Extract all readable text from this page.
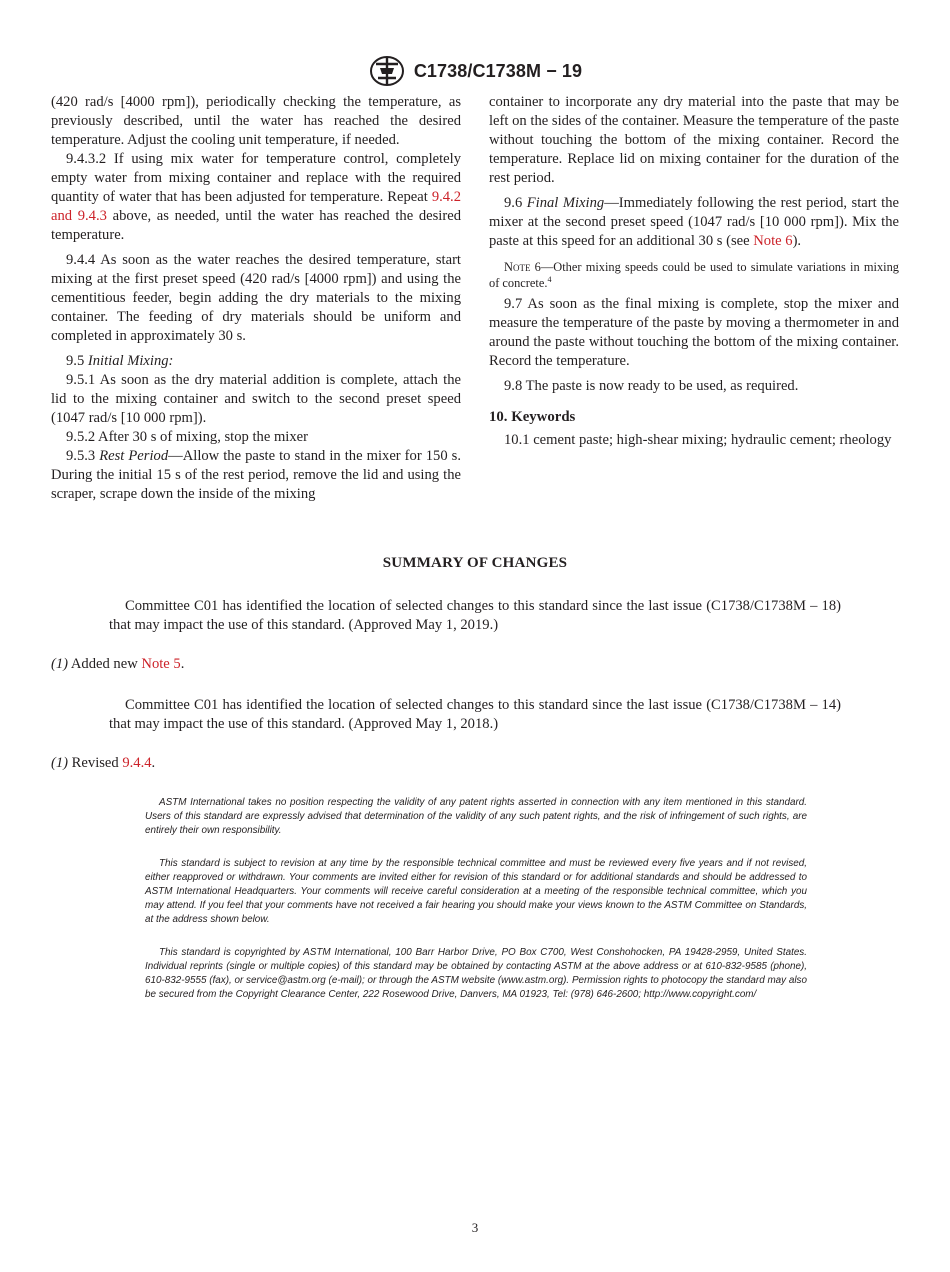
C1738/C1738M − 19

(420 rad/s [4000 rpm]), periodically checking the temperature, as previously described, until the water has reached the desired temperature. Adjust the cooling unit temperature, if needed.

9.4.3.2 If using mix water for temperature control, completely empty water from mixing container and replace with the required quantity of water that has been adjusted for temperature. Repeat 9.4.2 and 9.4.3 above, as needed, until the water has reached the desired temperature.

9.4.4 As soon as the water reaches the desired temperature, start mixing at the first preset speed (420 rad/s [4000 rpm]) and using the cementitious feeder, begin adding the dry materials to the mixing container. The feeding of dry materials should be uniform and completed in approximately 30 s.

9.5 Initial Mixing:

9.5.1 As soon as the dry material addition is complete, attach the lid to the mixing container and switch to the second preset speed (1047 rad/s [10 000 rpm]).

9.5.2 After 30 s of mixing, stop the mixer

9.5.3 Rest Period—Allow the paste to stand in the mixer for 150 s. During the initial 15 s of the rest period, remove the lid and using the scraper, scrape down the inside of the mixing

container to incorporate any dry material into the paste that may be left on the sides of the container. Measure the temperature of the paste without touching the bottom of the mixing container. Record the temperature. Replace lid on mixing container for the duration of the rest period.

9.6 Final Mixing—Immediately following the rest period, start the mixer at the second preset speed (1047 rad/s [10 000 rpm]). Mix the paste at this speed for an additional 30 s (see Note 6).

Note 6—Other mixing speeds could be used to simulate variations in mixing of concrete.$^4$

9.7 As soon as the final mixing is complete, stop the mixer and measure the temperature of the paste by moving a thermometer in and around the paste without touching the bottom of the mixing container. Record the temperature.

9.8 The paste is now ready to be used, as required.

10. Keywords

10.1 cement paste; high-shear mixing; hydraulic cement; rheology

SUMMARY OF CHANGES
Committee C01 has identified the location of selected changes to this standard since the last issue (C1738/C1738M – 18) that may impact the use of this standard. (Approved May 1, 2019.)
(1) Added new Note 5.
Committee C01 has identified the location of selected changes to this standard since the last issue (C1738/C1738M – 14) that may impact the use of this standard. (Approved May 1, 2018.)
(1) Revised 9.4.4.
ASTM International takes no position respecting the validity of any patent rights asserted in connection with any item mentioned in this standard. Users of this standard are expressly advised that determination of the validity of any such patent rights, and the risk of infringement of such rights, are entirely their own responsibility.
This standard is subject to revision at any time by the responsible technical committee and must be reviewed every five years and if not revised, either reapproved or withdrawn. Your comments are invited either for revision of this standard or for additional standards and should be addressed to ASTM International Headquarters. Your comments will receive careful consideration at a meeting of the responsible technical committee, which you may attend. If you feel that your comments have not received a fair hearing you should make your views known to the ASTM Committee on Standards, at the address shown below.
This standard is copyrighted by ASTM International, 100 Barr Harbor Drive, PO Box C700, West Conshohocken, PA 19428-2959, United States. Individual reprints (single or multiple copies) of this standard may be obtained by contacting ASTM at the above address or at 610-832-9585 (phone), 610-832-9555 (fax), or service@astm.org (e-mail); or through the ASTM website (www.astm.org). Permission rights to photocopy the standard may also be secured from the Copyright Clearance Center, 222 Rosewood Drive, Danvers, MA 01923, Tel: (978) 646-2600; http://www.copyright.com/
3
